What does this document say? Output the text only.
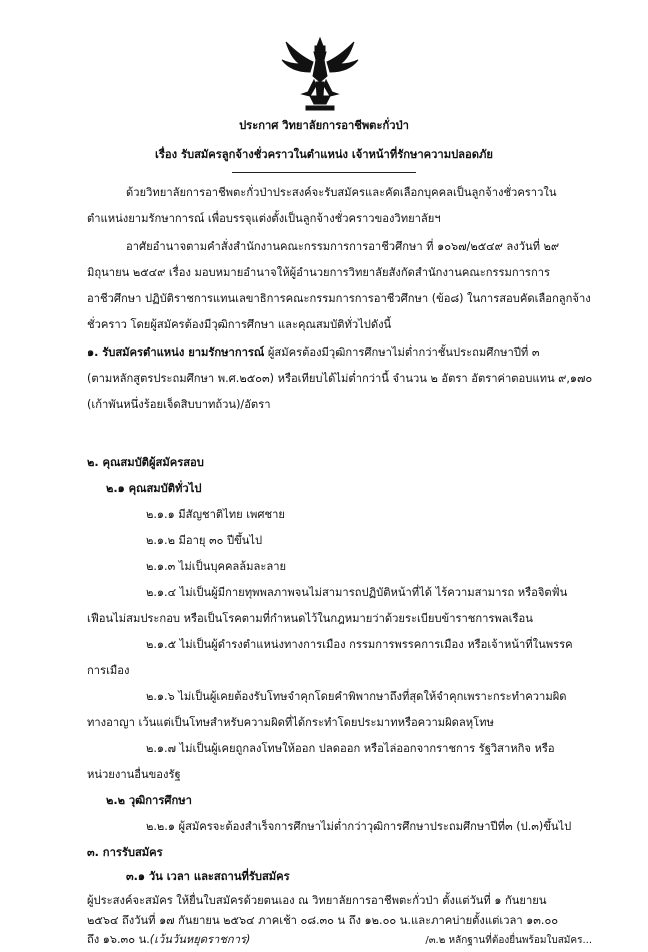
ประกาศ วิทยาลัยการอาชีพตะกั่วป่า
เรื่อง รับสมัครลูกจ้างชั่วคราวในตำแหน่ง เจ้าหน้าที่รักษาความปลอดภัย
ด้วยวิทยาลัยการอาชีพตะกั่วป่าประสงค์จะรับสมัครและคัดเลือกบุคคลเป็นลูกจ้างชั่วคราวใน
ตำแหน่งยามรักษาการณ์ เพื่อบรรจุแต่งตั้งเป็นลูกจ้างชั่วคราวของวิทยาลัยฯ
อาศัยอำนาจตามคำสั่งสำนักงานคณะกรรมการการอาชีวศึกษา ที่ ๑๐๖๗/๒๕๔๙ ลงวันที่ ๒๙
มิถุนายน ๒๕๔๙ เรื่อง มอบหมายอำนาจให้ผู้อำนวยการวิทยาลัยสังกัดสำนักงานคณะกรรมการการ
อาชีวศึกษา ปฏิบัติราชการแทนเลขาธิการคณะกรรมการการอาชีวศึกษา (ข้อ๘) ในการสอบคัดเลือกลูกจ้าง
ชั่วคราว โดยผู้สมัครต้องมีวุฒิการศึกษา และคุณสมบัติทั่วไปดังนี้
๑. รับสมัครตำแหน่ง ยามรักษาการณ์ ผู้สมัครต้องมีวุฒิการศึกษาไม่ต่ำกว่าชั้นประถมศึกษาปีที่ ๓
(ตามหลักสูตรประถมศึกษา พ.ศ.๒๕๐๓) หรือเทียบได้ไม่ต่ำกว่านี้ จำนวน ๒ อัตรา อัตราค่าตอบแทน ๙,๑๗๐
(เก้าพันหนึ่งร้อยเจ็ดสิบบาทถ้วน)/อัตรา
๒. คุณสมบัติผู้สมัครสอบ
๒.๑ คุณสมบัติทั่วไป
๒.๑.๑ มีสัญชาติไทย เพศชาย
๒.๑.๒ มีอายุ ๓๐ ปีขึ้นไป
๒.๑.๓ ไม่เป็นบุคคลล้มละลาย
๒.๑.๔ ไม่เป็นผู้มีกายทุพพลภาพจนไม่สามารถปฏิบัติหน้าที่ได้ ไร้ความสามารถ หรือจิตฟั่น
เฟือนไม่สมประกอบ หรือเป็นโรคตามที่กำหนดไว้ในกฎหมายว่าด้วยระเบียบข้าราชการพลเรือน
๒.๑.๕ ไม่เป็นผู้ดำรงตำแหน่งทางการเมือง กรรมการพรรคการเมือง หรือเจ้าหน้าที่ในพรรค
การเมือง
๒.๑.๖ ไม่เป็นผู้เคยต้องรับโทษจำคุกโดยคำพิพากษาถึงที่สุดให้จำคุกเพราะกระทำความผิด
ทางอาญา เว้นแต่เป็นโทษสำหรับความผิดที่ได้กระทำโดยประมาทหรือความผิดลหุโทษ
๒.๑.๗ ไม่เป็นผู้เคยถูกลงโทษให้ออก ปลดออก หรือไล่ออกจากราชการ รัฐวิสาหกิจ หรือ
หน่วยงานอื่นของรัฐ
๒.๒ วุฒิการศึกษา
๒.๒.๑ ผู้สมัครจะต้องสำเร็จการศึกษาไม่ต่ำกว่าวุฒิการศึกษาประถมศึกษาปีที่๓ (ป.๓)ขึ้นไป
๓. การรับสมัคร
๓.๑ วัน เวลา และสถานที่รับสมัคร
ผู้ประสงค์จะสมัคร ให้ยื่นใบสมัครด้วยตนเอง ณ วิทยาลัยการอาชีพตะกั่วป่า ตั้งแต่วันที่ ๑ กันยายน
๒๕๖๔ ถึงวันที่ ๑๗ กันยายน ๒๕๖๔ ภาคเช้า ๐๘.๓๐ น ถึง ๑๒.๐๐ น.และภาคบ่ายตั้งแต่เวลา ๑๓.๐๐
ถึง ๑๖.๓๐ น.(เว้นวันหยุดราชการ)	/๓.๒ หลักฐานที่ต้องยื่นพร้อมใบสมัคร...
